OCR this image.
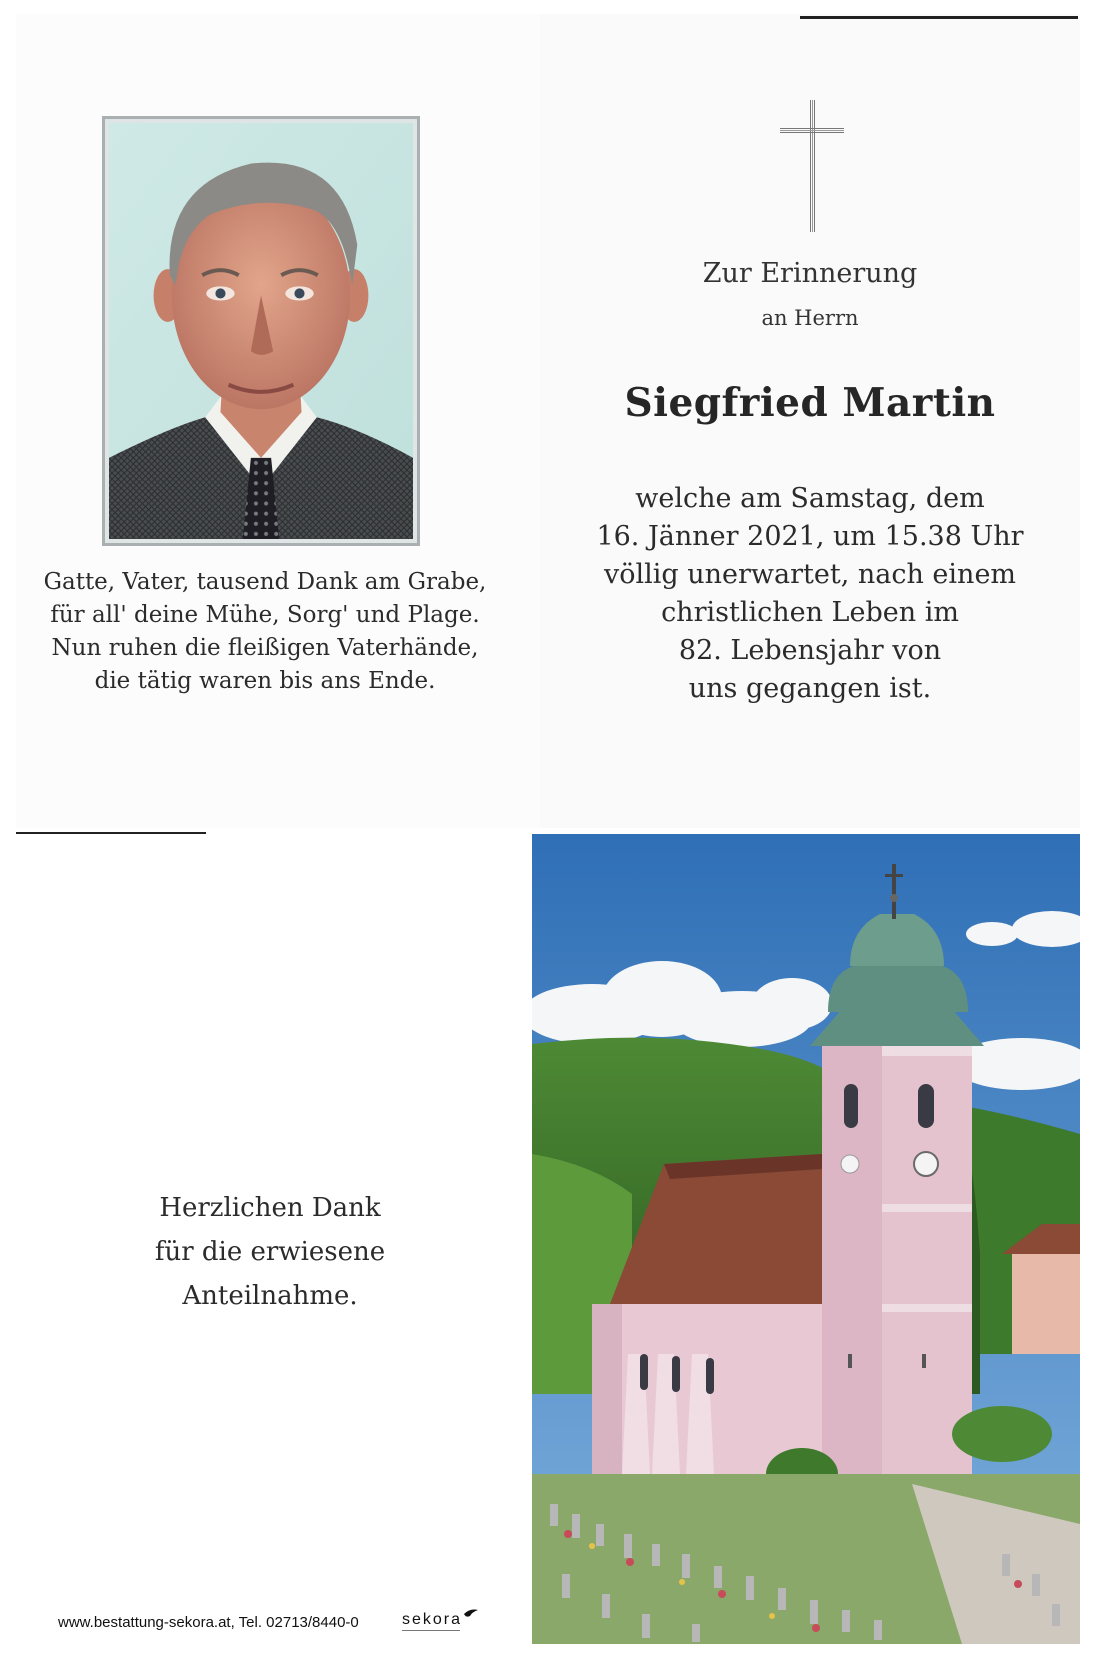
Gatte, Vater, tausend Dank am Grabe,
für all' deine Mühe, Sorg' und Plage.
Nun ruhen die fleißigen Vaterhände,
die tätig waren bis ans Ende.
Zur Erinnerung
an Herrn
Siegfried Martin
welche am Samstag, dem
16. Jänner 2021, um 15.38 Uhr
völlig unerwartet, nach einem
christlichen Leben im
82. Lebensjahr von
uns gegangen ist.
Herzlichen Dank
für die erwiesene
Anteilnahme.
www.bestattung-sekora.at, Tel. 02713/8440-0	sekora
